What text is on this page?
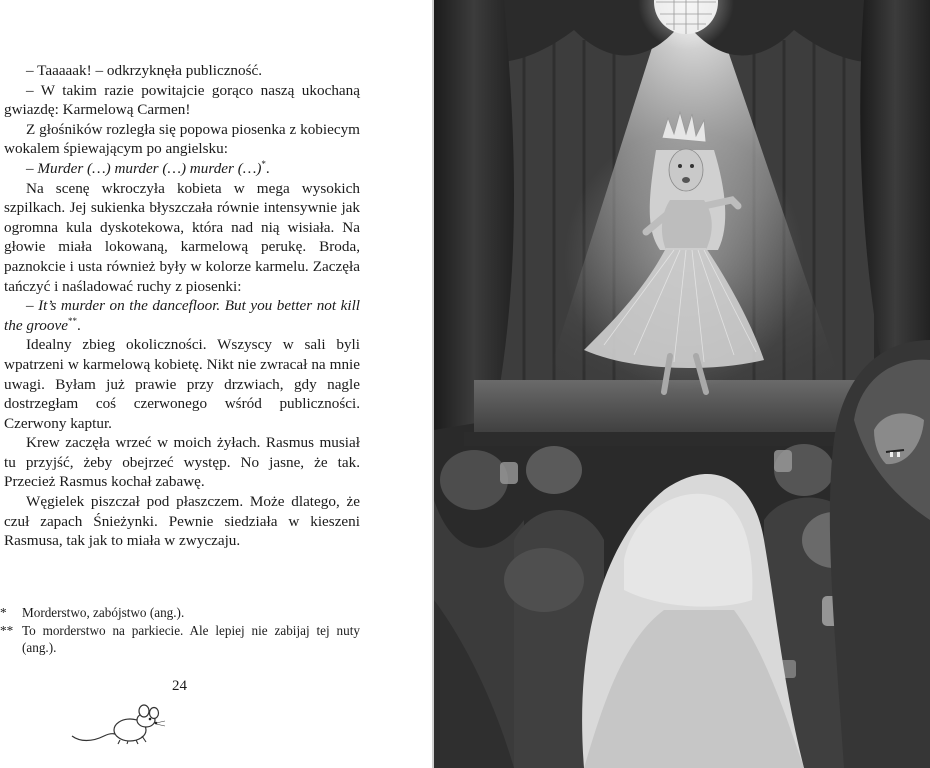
– Taaaaak! – odkrzyknęła publiczność.

– W takim razie powitajcie gorąco naszą ukochaną gwiazdę: Karmelową Carmen!

Z głośników rozległa się popowa piosenka z kobiecym wokalem śpiewającym po angielsku:

– Murder (…) murder (…) murder (…)*.

Na scenę wkroczyła kobieta w mega wysokich szpilkach. Jej sukienka błyszczała równie intensywnie jak ogromna kula dyskotekowa, która nad nią wisiała. Na głowie miała lokowaną, karmelową perukę. Broda, paznokcie i usta również były w kolorze karmelu. Zaczęła tańczyć i naśladować ruchy z piosenki:

– It’s murder on the dancefloor. But you better not kill the groove**.

Idealny zbieg okoliczności. Wszyscy w sali byli wpatrzeni w karmelową kobietę. Nikt nie zwracał na mnie uwagi. Byłam już prawie przy drzwiach, gdy nagle dostrzegłam coś czerwonego wśród publiczności. Czerwony kaptur.

Krew zaczęła wrzeć w moich żyłach. Rasmus musiał tu przyjść, żeby obejrzeć występ. No jasne, że tak. Przecież Rasmus kochał zabawę.

Węgielek piszczał pod płaszczem. Może dlatego, że czuł zapach Śnieżynki. Pewnie siedziała w kieszeni Rasmusa, tak jak to miała w zwyczaju.

*	Morderstwo, zabójstwo (ang.).
** To morderstwo na parkiecie. Ale lepiej nie zabijaj tej nuty (ang.).
24
